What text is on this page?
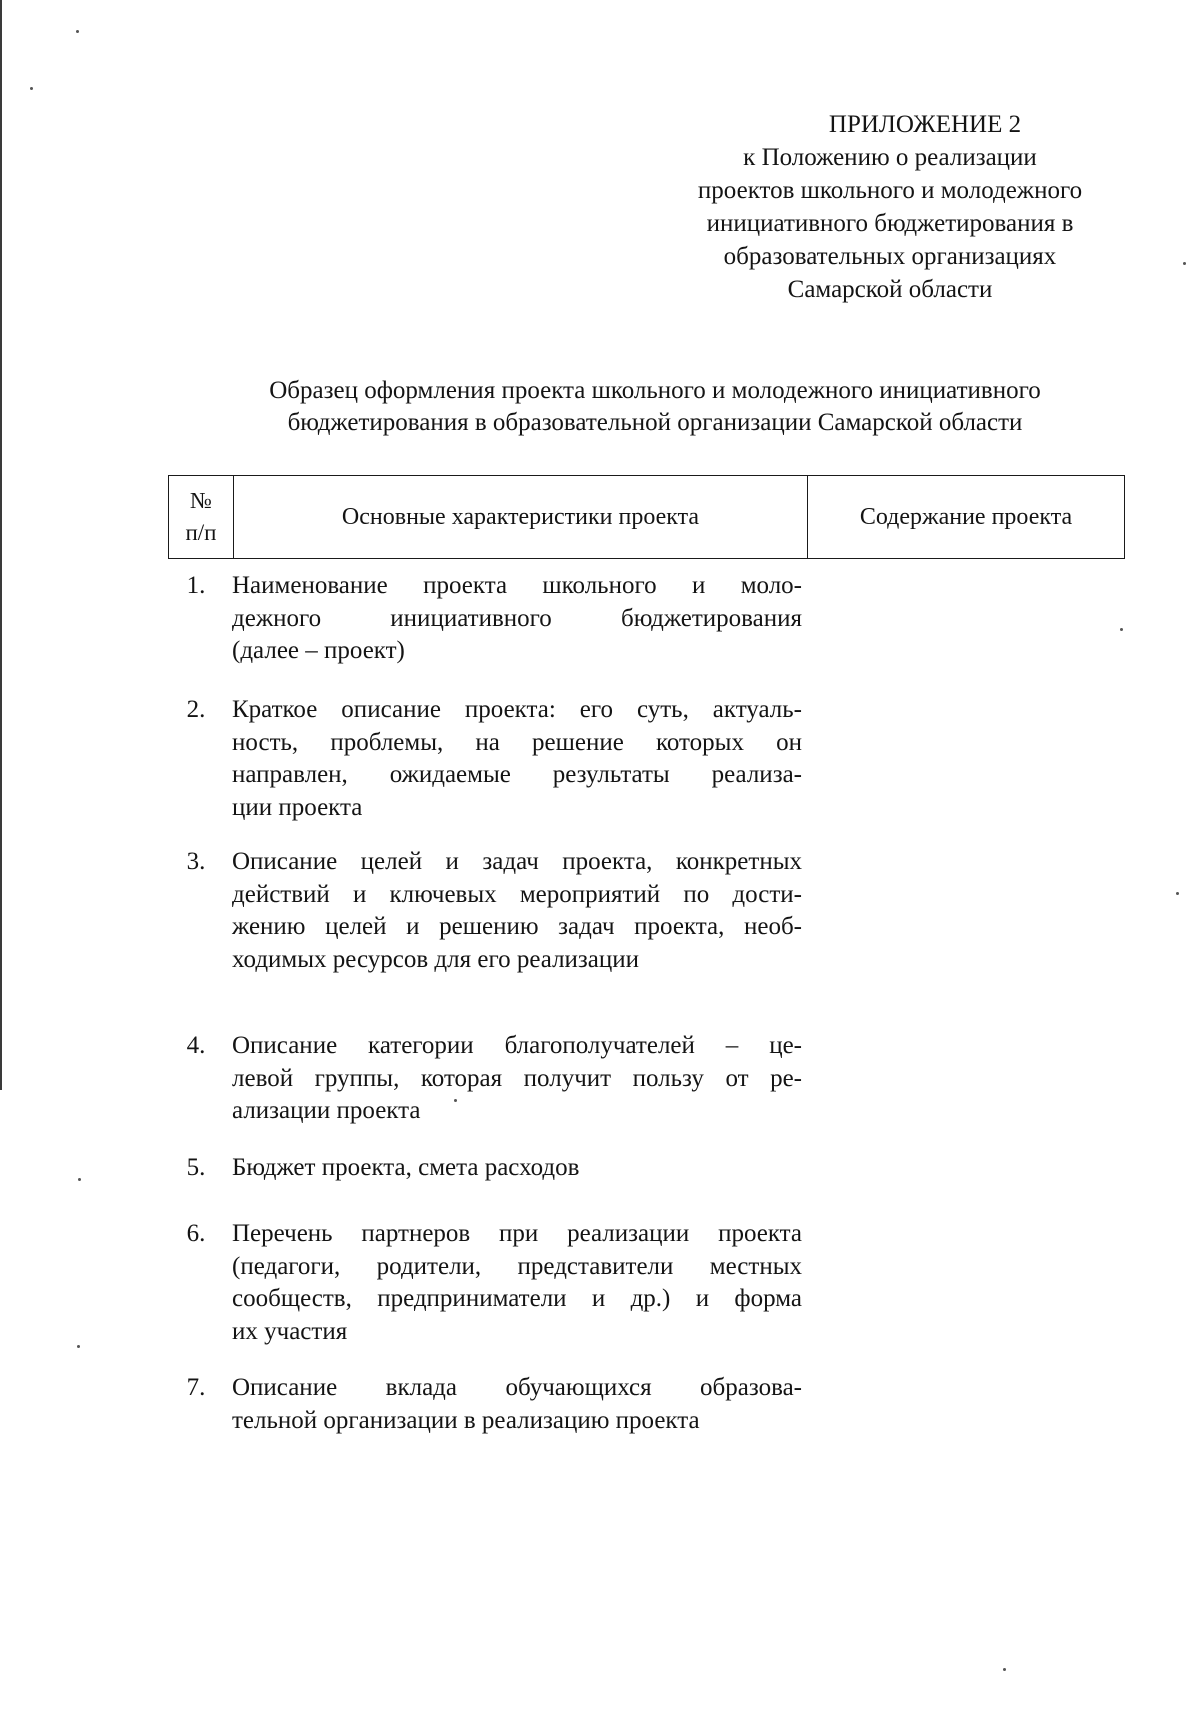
ПРИЛОЖЕНИЕ 2
к Положению о реализации
проектов школьного и молодежного
инициативного бюджетирования в
образовательных организациях
Самарской области
Образец оформления проекта школьного и молодежного инициативного
бюджетирования в образовательной организации Самарской области
№
п/п
Основные характеристики проекта	Содержание проекта
1.	Наименование проекта школьного и моло-
дежного инициативного бюджетирования
(далее – проект)
2.	Краткое описание проекта: его суть, актуаль-
ность, проблемы, на решение которых он
направлен, ожидаемые результаты реализа-
ции проекта
3.	Описание целей и задач проекта, конкретных
действий и ключевых мероприятий по дости-
жению целей и решению задач проекта, необ-
ходимых ресурсов для его реализации
4.	Описание категории благополучателей – це-
левой группы, которая получит пользу от ре-
ализации проекта
5.	Бюджет проекта, смета расходов
6.	Перечень партнеров при реализации проекта
(педагоги, родители, представители местных
сообществ, предприниматели и др.) и форма
их участия
7.	Описание вклада обучающихся образова-
тельной организации в реализацию проекта
